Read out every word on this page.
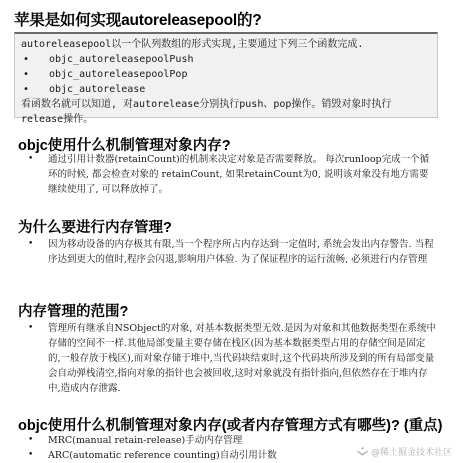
苹果是如何实现autoreleasepool的?
autoreleasepool以一个队列数组的形式实现,主要通过下列三个函数完成.
• objc_autoreleasepoolPush
• objc_autoreleasepoolPop
• objc_autorelease
看函数名就可以知道, 对autorelease分别执行push、pop操作。销毁对象时执行
release操作。
objc使用什么机制管理对象内存?
• 通过引用计数器(retainCount)的机制来决定对象是否需要释放。 每次runloop完成一个循环的时候, 都会检查对象的 retainCount, 如果retainCount为0, 说明该对象没有地方需要继续使用了, 可以释放掉了。
为什么要进行内存管理?
• 因为移动设备的内存极其有限,当一个程序所占内存达到一定值时, 系统会发出内存警告. 当程序达到更大的值时,程序会闪退,影响用户体验. 为了保证程序的运行流畅, 必须进行内存管理
内存管理的范围?
• 管理所有继承自NSObject的对象, 对基本数据类型无效.是因为对象和其他数据类型在系统中存储的空间不一样.其他局部变量主要存储在栈区(因为基本数据类型占用的存储空间是固定的,一般存放于栈区),而对象存储于堆中,当代码块结束时,这个代码块所涉及到的所有局部变量会自动弹栈清空,指向对象的指针也会被回收,这时对象就没有指针指向,但依然存在于堆内存中,造成内存泄露.
objc使用什么机制管理对象内存(或者内存管理方式有哪些)? (重点)
• MRC(manual retain-release)手动内存管理
• ARC(automatic reference counting)自动引用计数	@稀土掘金技术社区
